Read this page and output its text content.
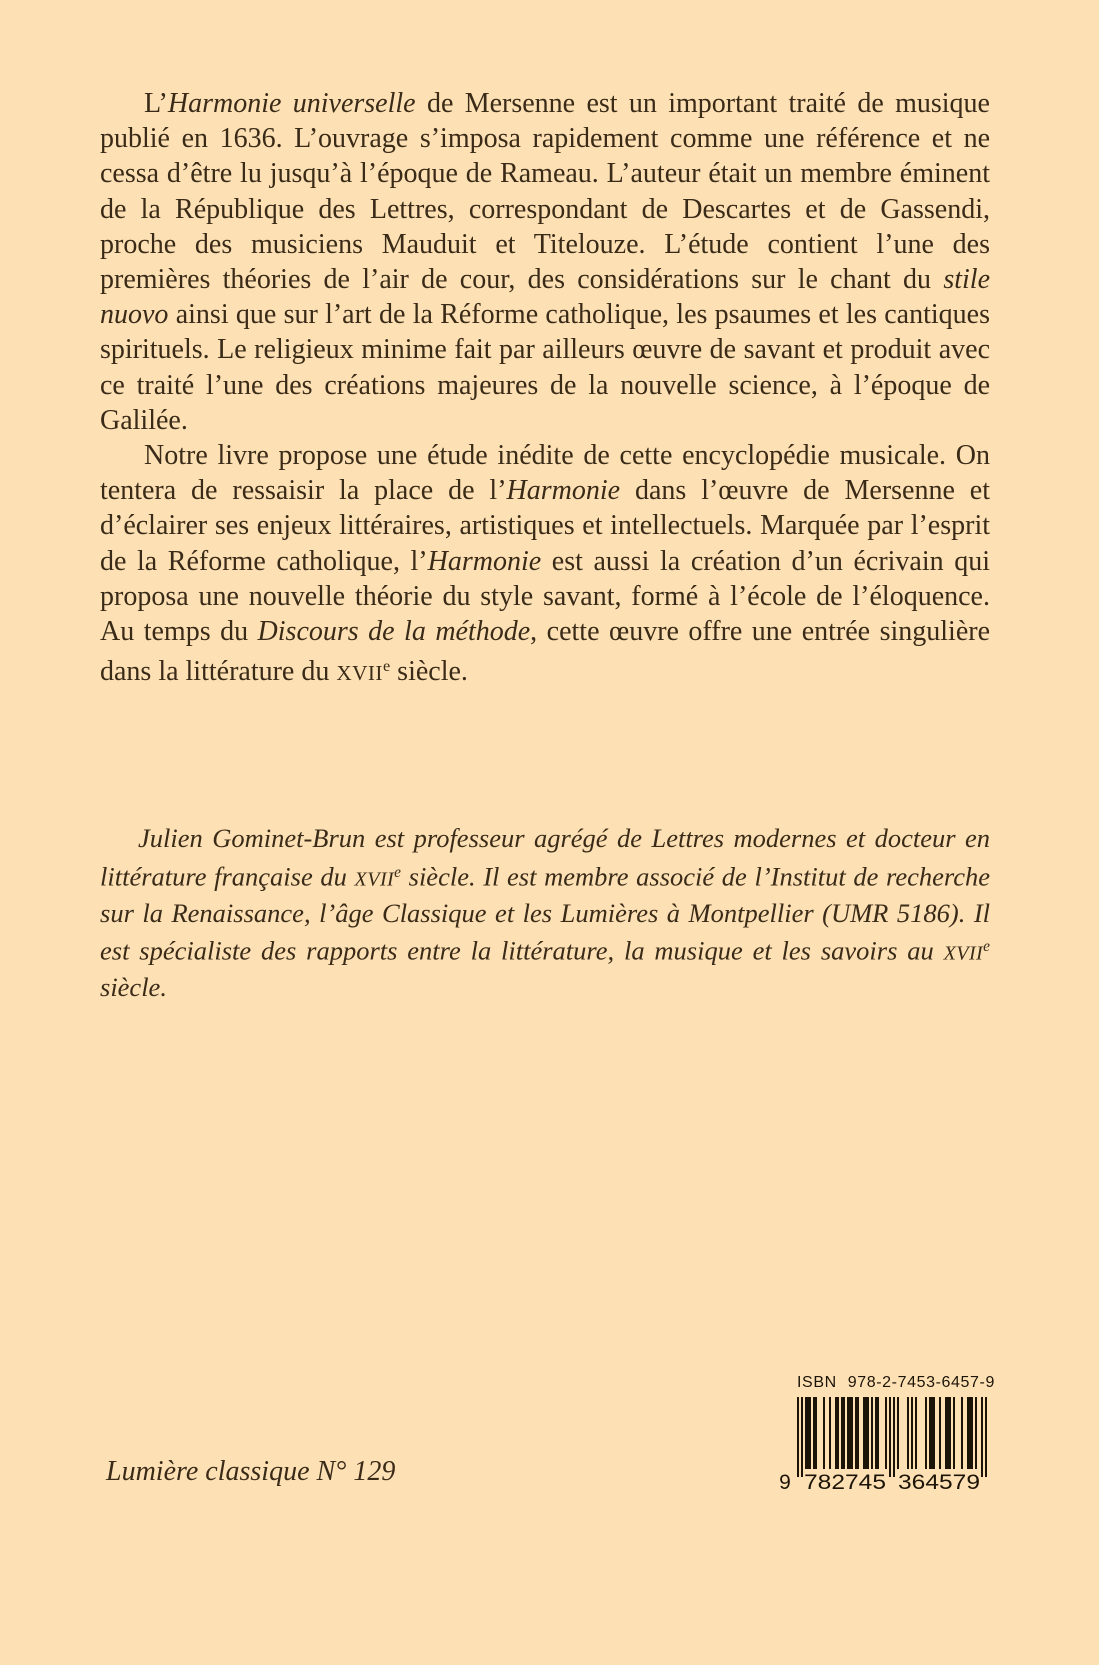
L’Harmonie universelle de Mersenne est un important traité de musique publié en 1636. L’ouvrage s’imposa rapidement comme une référence et ne cessa d’être lu jusqu’à l’époque de Rameau. L’auteur était un membre éminent de la République des Lettres, correspondant de Descartes et de Gassendi, proche des musiciens Mauduit et Titelouze. L’étude contient l’une des premières théories de l’air de cour, des considérations sur le chant du stile nuovo ainsi que sur l’art de la Réforme catholique, les psaumes et les cantiques spirituels. Le religieux minime fait par ailleurs œuvre de savant et produit avec ce traité l’une des créations majeures de la nouvelle science, à l’époque de Galilée.

Notre livre propose une étude inédite de cette encyclopédie musicale. On tentera de ressaisir la place de l’Harmonie dans l’œuvre de Mersenne et d’éclairer ses enjeux littéraires, artistiques et intellectuels. Marquée par l’esprit de la Réforme catholique, l’Harmonie est aussi la création d’un écrivain qui proposa une nouvelle théorie du style savant, formé à l’école de l’éloquence. Au temps du Discours de la méthode, cette œuvre offre une entrée singulière dans la littérature du XVIIe siècle.

Julien Gominet-Brun est professeur agrégé de Lettres modernes et docteur en littérature française du XVIIe siècle. Il est membre associé de l’Institut de recherche sur la Renaissance, l’âge Classique et les Lumières à Montpellier (UMR 5186). Il est spécialiste des rapports entre la littérature, la musique et les savoirs au XVIIe siècle.

Lumière classique N° 129
ISBN 978-2-7453-6457-9
9 782745 364579
